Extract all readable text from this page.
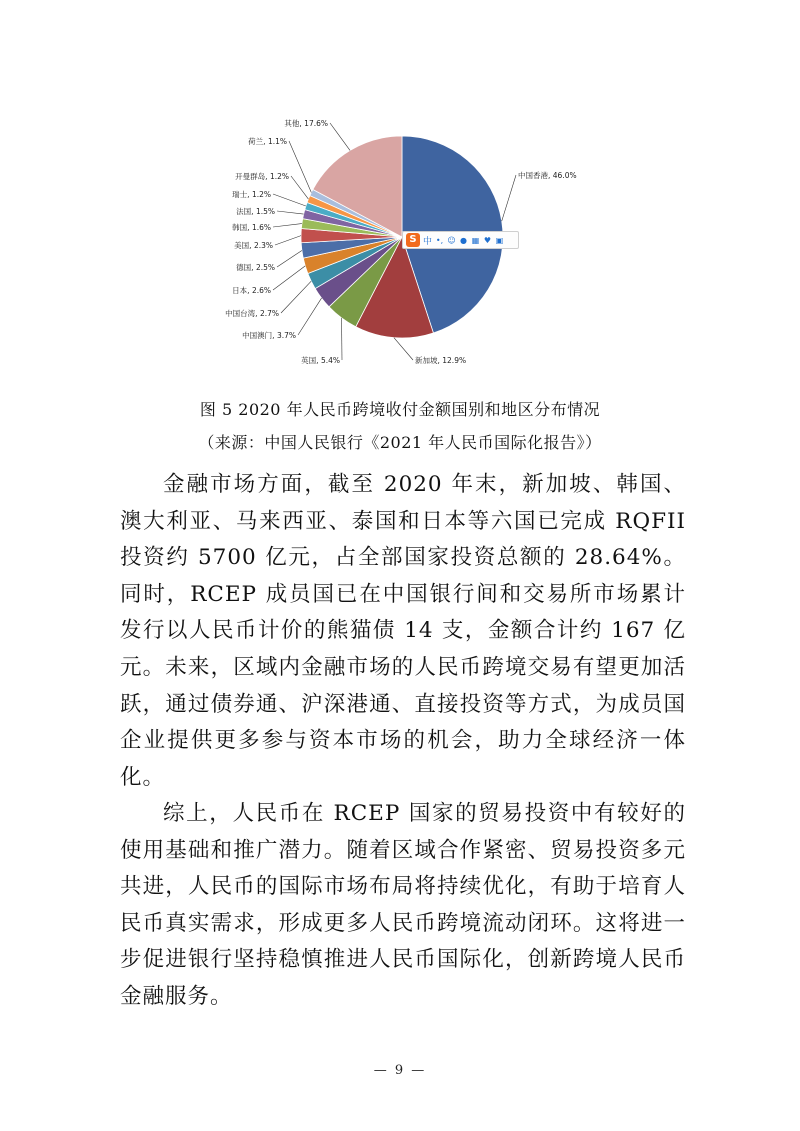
中国香港, 46.0%
新加坡, 12.9%
英国, 5.4%
中国澳门, 3.7%
中国台湾, 2.7%
日本, 2.6%
德国, 2.5%
美国, 2.3%
韩国, 1.6%
法国, 1.5%
瑞士, 1.2%
开曼群岛, 1.2%
荷兰, 1.1%
其他, 17.6%
S 中 •, ☺ ● ▦ ♥ ▣
图 5 2020 年人民币跨境收付金额国别和地区分布情况
（来源：中国人民银行《2021 年人民币国际化报告》）

金融市场方面，截至 2020 年末，新加坡、韩国、澳大利亚、马来西亚、泰国和日本等六国已完成 RQFII 投资约 5700 亿元，占全部国家投资总额的 28.64%。同时，RCEP 成员国已在中国银行间和交易所市场累计发行以人民币计价的熊猫债 14 支，金额合计约 167 亿元。未来，区域内金融市场的人民币跨境交易有望更加活跃，通过债券通、沪深港通、直接投资等方式，为成员国企业提供更多参与资本市场的机会，助力全球经济一体化。

综上，人民币在 RCEP 国家的贸易投资中有较好的使用基础和推广潜力。随着区域合作紧密、贸易投资多元共进，人民币的国际市场布局将持续优化，有助于培育人民币真实需求，形成更多人民币跨境流动闭环。这将进一步促进银行坚持稳慎推进人民币国际化，创新跨境人民币金融服务。

— 9 —
